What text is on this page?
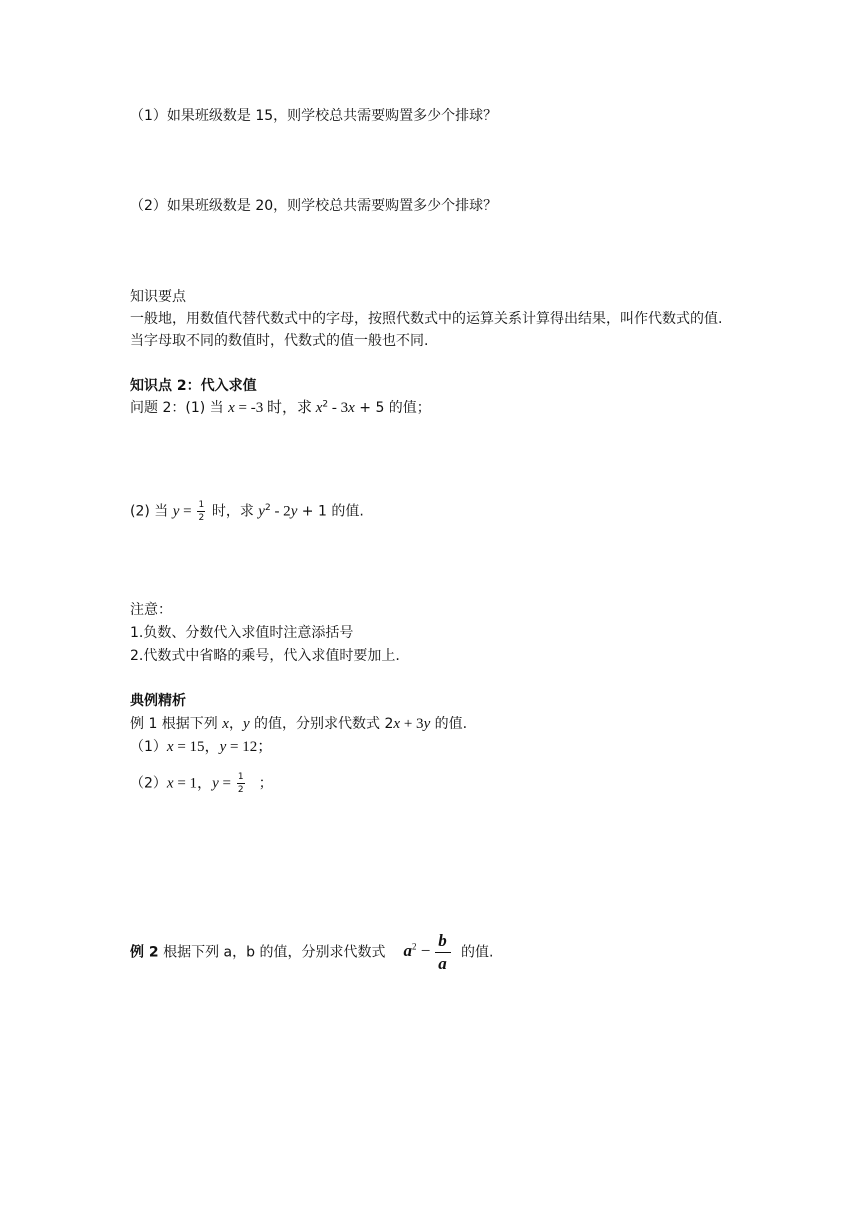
（1）如果班级数是 15，则学校总共需要购置多少个排球？
（2）如果班级数是 20，则学校总共需要购置多少个排球？
知识要点
一般地，用数值代替代数式中的字母，按照代数式中的运算关系计算得出结果，叫作代数式的值. 当字母取不同的数值时，代数式的值一般也不同.
知识点 2：代入求值
问题 2：(1) 当 x = -3 时，求 $x^2 - 3x + 5$ 的值；
(2) 当 $y = \frac{1}{2}$ 时，求 $y^2 - 2y + 1$ 的值.
注意：
1.负数、分数代入求值时注意添括号
2.代数式中省略的乘号，代入求值时要加上.
典例精析
例 1 根据下列 x，y 的值，分别求代数式 2x + 3y 的值.
（1）x = 15，y = 12；
（2）x = 1，$y = \frac{1}{2}$ ；
例 2 根据下列 a，b 的值，分别求代数式 $a^2 - \frac{b}{a}$ 的值.
